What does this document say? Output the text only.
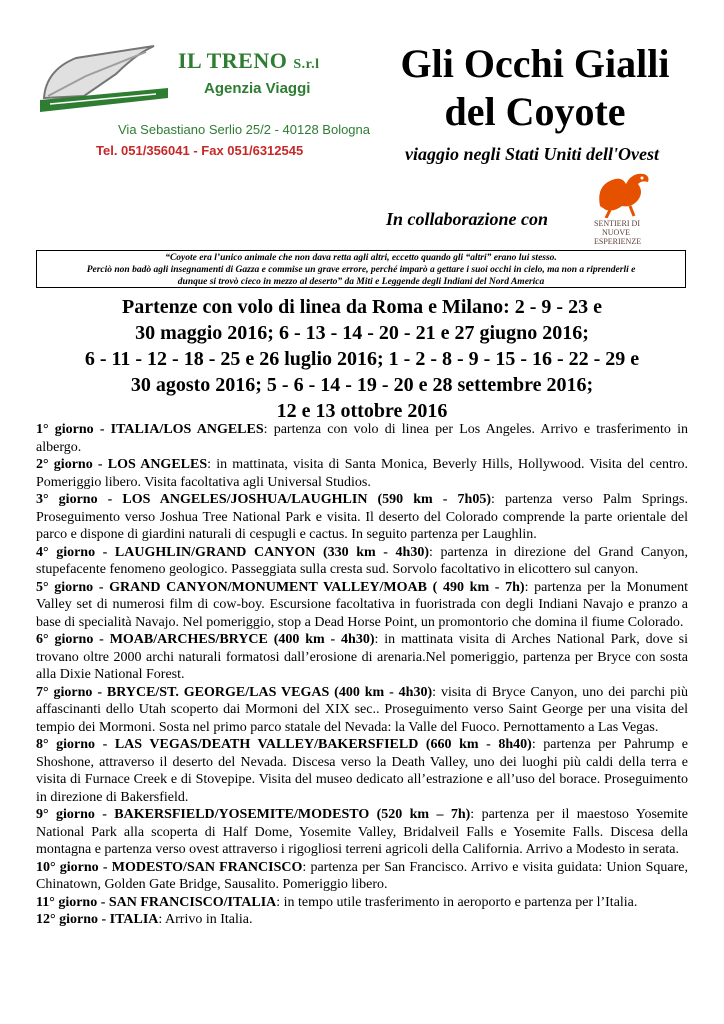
IL TRENO S.r.l
Agenzia Viaggi
Via Sebastiano Serlio 25/2 - 40128 Bologna
Tel. 051/356041 - Fax 051/6312545
Gli Occhi Gialli
del Coyote
viaggio negli Stati Uniti dell'Ovest
In collaborazione con	SENTIERI DI
NUOVE
ESPERIENZE
“Coyote era l’unico animale che non dava retta agli altri, eccetto quando gli “altri” erano lui stesso.
Perciò non badò agli insegnamenti di Gazza e commise un grave errore, perché imparò a gettare i suoi occhi in cielo, ma non a riprenderli e
dunque si trovò cieco in mezzo al deserto” da Miti e Leggende degli Indiani del Nord America
Partenze con volo di linea da Roma e Milano: 2 - 9 - 23 e
30 maggio 2016; 6 - 13 - 14 - 20 - 21 e 27 giugno 2016;
6 - 11 - 12 - 18 - 25 e 26 luglio 2016; 1 - 2 - 8 - 9 - 15 - 16 - 22 - 29 e
30 agosto 2016; 5 - 6 - 14 - 19 - 20 e 28 settembre 2016;
12 e 13 ottobre 2016

1° giorno - ITALIA/LOS ANGELES: partenza con volo di linea per Los Angeles. Arrivo e trasferimento in albergo.

2° giorno - LOS ANGELES: in mattinata, visita di Santa Monica, Beverly Hills, Hollywood. Visita del centro. Pomeriggio libero. Visita facoltativa agli Universal Studios.

3° giorno - LOS ANGELES/JOSHUA/LAUGHLIN (590 km - 7h05): partenza verso Palm Springs. Proseguimento verso Joshua Tree National Park e visita. Il deserto del Colorado comprende la parte orientale del parco e dispone di giardini naturali di cespugli e cactus. In seguito partenza per Laughlin.

4° giorno - LAUGHLIN/GRAND CANYON (330 km - 4h30): partenza in direzione del Grand Canyon, stupefacente fenomeno geologico. Passeggiata sulla cresta sud. Sorvolo facoltativo in elicottero sul canyon.

5° giorno - GRAND CANYON/MONUMENT VALLEY/MOAB ( 490 km - 7h): partenza per la Monument Valley set di numerosi film di cow-boy. Escursione facoltativa in fuoristrada con degli Indiani Navajo e pranzo a base di specialità Navajo. Nel pomeriggio, stop a Dead Horse Point, un promontorio che domina il fiume Colorado.

6° giorno - MOAB/ARCHES/BRYCE (400 km - 4h30): in mattinata visita di Arches National Park, dove si trovano oltre 2000 archi naturali formatosi dall’erosione di arenaria.Nel pomeriggio, partenza per Bryce con sosta alla Dixie National Forest.

7° giorno - BRYCE/ST. GEORGE/LAS VEGAS (400 km - 4h30): visita di Bryce Canyon, uno dei parchi più affascinanti dello Utah scoperto dai Mormoni del XIX sec.. Proseguimento verso Saint George per una visita del tempio dei Mormoni. Sosta nel primo parco statale del Nevada: la Valle del Fuoco. Pernottamento a Las Vegas.

8° giorno - LAS VEGAS/DEATH VALLEY/BAKERSFIELD (660 km - 8h40): partenza per Pahrump e Shoshone, attraverso il deserto del Nevada. Discesa verso la Death Valley, uno dei luoghi più caldi della terra e visita di Furnace Creek e di Stovepipe. Visita del museo dedicato all’estrazione e all’uso del borace. Proseguimento in direzione di Bakersfield.

9° giorno - BAKERSFIELD/YOSEMITE/MODESTO (520 km – 7h): partenza per il maestoso Yosemite National Park alla scoperta di Half Dome, Yosemite Valley, Bridalveil Falls e Yosemite Falls. Discesa della montagna e partenza verso ovest attraverso i rigogliosi terreni agricoli della California. Arrivo a Modesto in serata.

10° giorno - MODESTO/SAN FRANCISCO: partenza per San Francisco. Arrivo e visita guidata: Union Square, Chinatown, Golden Gate Bridge, Sausalito. Pomeriggio libero.

11° giorno - SAN FRANCISCO/ITALIA: in tempo utile trasferimento in aeroporto e partenza per l’Italia.

12° giorno - ITALIA: Arrivo in Italia.
